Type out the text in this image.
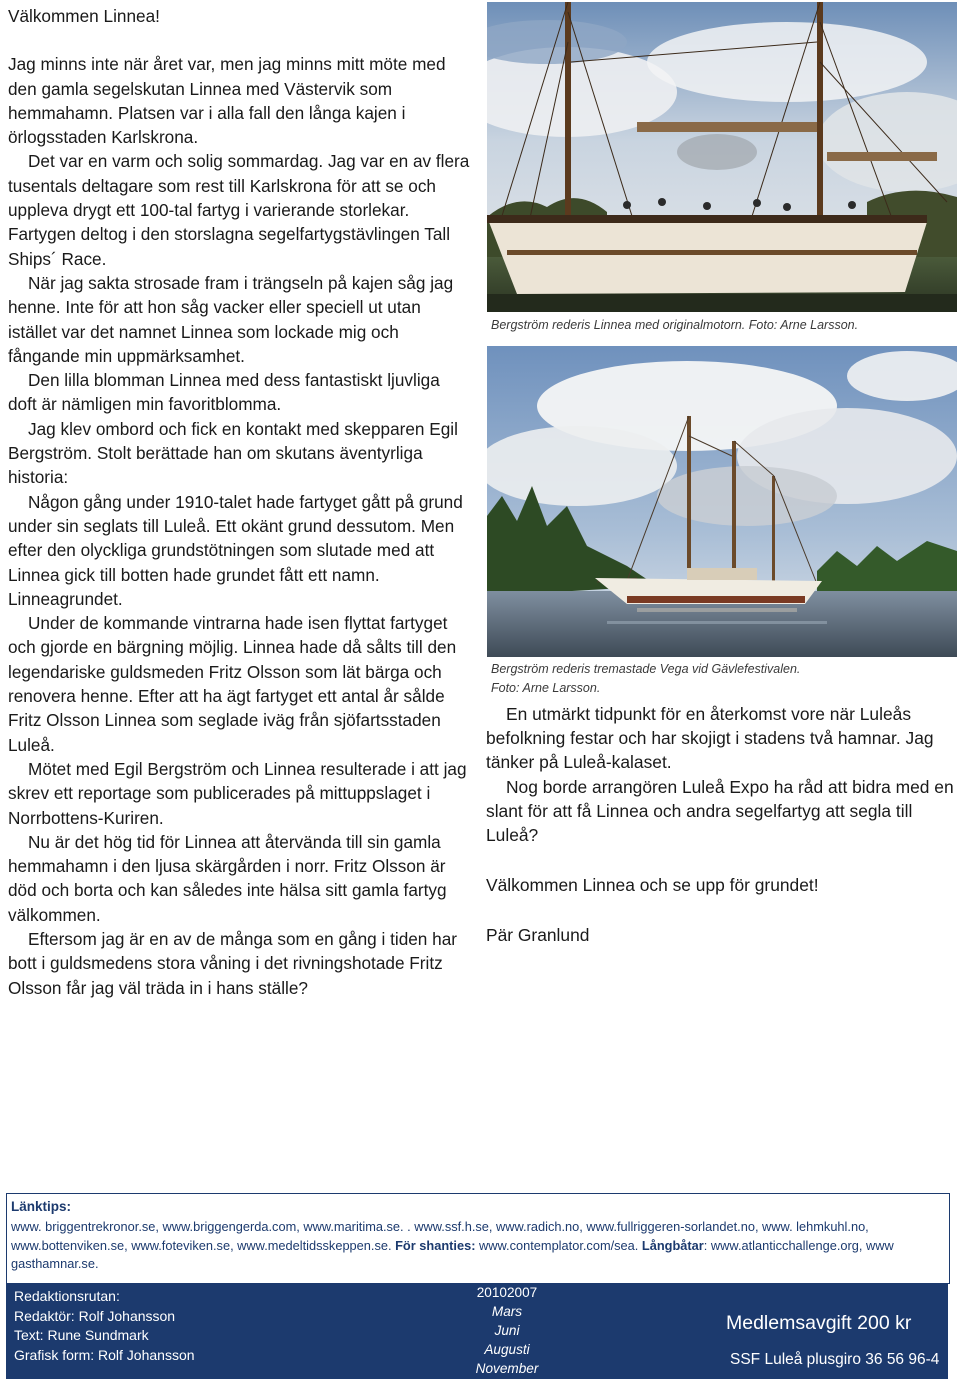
Välkommen Linnea!

Jag minns inte när året var, men jag minns mitt möte med den gamla segelskutan Linnea med Västervik som hemmahamn. Platsen var i alla fall den långa kajen i örlogsstaden Karlskrona.

Det var en varm och solig sommardag. Jag var en av flera tusentals deltagare som rest till Karlskrona för att se och uppleva drygt ett 100-tal fartyg i varierande storlekar. Fartygen deltog i den storslagna segelfartygstävlingen Tall Ships´ Race.

När jag sakta strosade fram i trängseln på kajen såg jag henne. Inte för att hon såg vacker eller speciell ut utan istället var det namnet Linnea som lockade mig och fångande min uppmärksamhet.

Den lilla blomman Linnea med dess fantastiskt ljuvliga doft är nämligen min favoritblomma.

Jag klev ombord och fick en kontakt med skepparen Egil Bergström. Stolt berättade han om skutans äventyrliga historia:

Någon gång under 1910-talet hade fartyget gått på grund under sin seglats till Luleå. Ett okänt grund dessutom. Men efter den olyckliga grundstötningen som slutade med att Linnea gick till botten hade grundet fått ett namn. Linneagrundet.

Under de kommande vintrarna hade isen flyttat fartyget och gjorde en bärgning möjlig. Linnea hade då sålts till den legendariske guldsmeden Fritz Olsson som lät bärga och renovera henne. Efter att ha ägt fartyget ett antal år sålde Fritz Olsson Linnea som seglade iväg från sjöfartsstaden Luleå.

Mötet med Egil Bergström och Linnea resulterade i att jag skrev ett reportage som publicerades på mittuppslaget i Norrbottens-Kuriren.

Nu är det hög tid för Linnea att återvända till sin gamla hemmahamn i den ljusa skärgården i norr. Fritz Olsson är död och borta och kan således inte hälsa sitt gamla fartyg välkommen.

Eftersom jag är en av de många som en gång i tiden har bott i guldsmedens stora våning i det rivningshotade Fritz Olsson får jag väl träda in i hans ställe?

Bergström rederis Linnea med originalmotorn. Foto: Arne Larsson.
Bergström rederis tremastade Vega vid Gävlefestivalen.
Foto: Arne Larsson.

En utmärkt tidpunkt för en återkomst vore när Luleås befolkning festar och har skojigt i stadens två hamnar. Jag tänker på Luleå-kalaset.

Nog borde arrangören Luleå Expo ha råd att bidra med en slant för att få Linnea och andra segelfartyg att segla till Luleå?

Välkommen Linnea och se upp för grundet!

Pär Granlund

Länktips:
www. briggentrekronor.se, www.briggengerda.com, www.maritima.se. . www.ssf.h.se, www.radich.no, www.fullriggeren-sorlandet.no, www. lehmkuhl.no, www.bottenviken.se, www.foteviken.se, www.medeltidsskeppen.se. För shanties: www.contemplator.com/sea. Långbåtar: www.atlanticchallenge.org, www gasthamnar.se.
Redaktionsrutan:
Redaktör: Rolf Johansson
Text: Rune Sundmark
Grafisk form: Rolf Johansson
20102007
Mars
Juni
Augusti
November
Medlemsavgift 200 kr
SSF Luleå plusgiro 36 56 96-4
